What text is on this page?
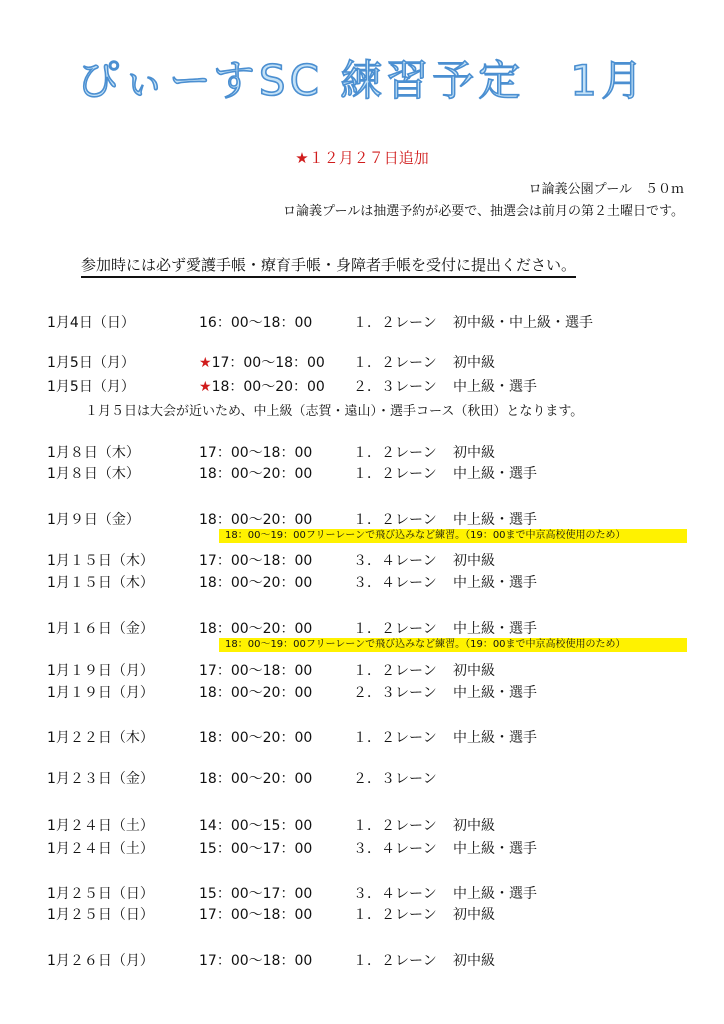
ぴぃーすSC 練習予定　1月
★１２月２７日追加
ロ論義公園プール　５０ｍ
ロ論義プールは抽選予約が必要で、抽選会は前月の第２土曜日です。
参加時には必ず愛護手帳・療育手帳・身障者手帳を受付に提出ください。
１月５日は大会が近いため、中上級（志賀・遠山）・選手コース（秋田）となります。
18：00～19：00フリーレーンで飛び込みなど練習。（19：00まで中京高校使用のため）
18：00～19：00フリーレーンで飛び込みなど練習。（19：00まで中京高校使用のため）
1月4日（日）	16：00～18：00	１．２レーン 初中級・中上級・選手
1月5日（月）	★17：00～18：00 １．２レーン 初中級
1月5日（月）	★18：00～20：00 ２．３レーン 中上級・選手
1月８日（木）	17：00～18：00	１．２レーン 初中級
1月８日（木）	18：00～20：00	１．２レーン 中上級・選手
1月９日（金）	18：00～20：00	１．２レーン 中上級・選手
1月１５日（木）	17：00～18：00	３．４レーン 初中級
1月１５日（木）	18：00～20：00	３．４レーン 中上級・選手
1月１６日（金）	18：00～20：00	１．２レーン 中上級・選手
1月１９日（月）	17：00～18：00	１．２レーン 初中級
1月１９日（月）	18：00～20：00	２．３レーン 中上級・選手
1月２２日（木）	18：00～20：00	１．２レーン 中上級・選手
1月２３日（金）	18：00～20：00	２．３レーン
1月２４日（土）	14：00～15：00	１．２レーン 初中級
1月２４日（土）	15：00～17：00	３．４レーン 中上級・選手
1月２５日（日）	15：00～17：00	３．４レーン 中上級・選手
1月２５日（日）	17：00～18：00	１．２レーン 初中級
1月２６日（月）	17：00～18：00	１．２レーン 初中級
